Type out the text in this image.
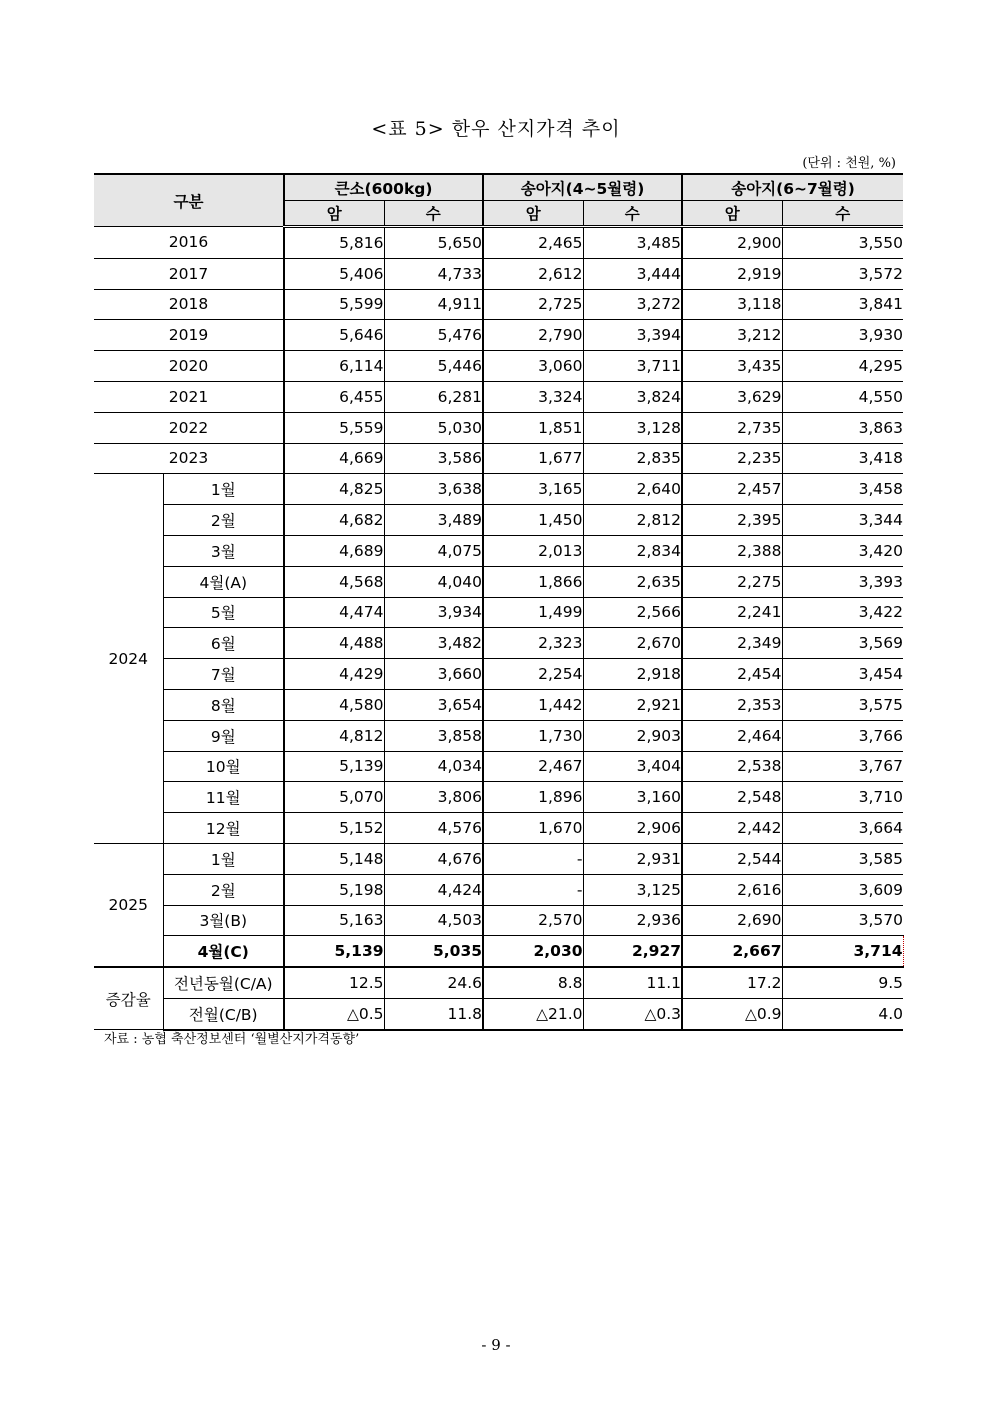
<표 5> 한우 산지가격 추이
(단위 : 천원, %)
구분		큰소(600kg)		송아지(4~5월령)		송아지(6~7월령)	
		암	수	암	수	암	수
2016		5,816	5,650	2,465	3,485	2,900	3,550
2017		5,406	4,733	2,612	3,444	2,919	3,572
2018		5,599	4,911	2,725	3,272	3,118	3,841
2019		5,646	5,476	2,790	3,394	3,212	3,930
2020		6,114	5,446	3,060	3,711	3,435	4,295
2021		6,455	6,281	3,324	3,824	3,629	4,550
2022		5,559	5,030	1,851	3,128	2,735	3,863
2023		4,669	3,586	1,677	2,835	2,235	3,418
2024	1월	4,825	3,638	3,165	2,640	2,457	3,458
	2월	4,682	3,489	1,450	2,812	2,395	3,344
	3월	4,689	4,075	2,013	2,834	2,388	3,420
	4월(A)	4,568	4,040	1,866	2,635	2,275	3,393
	5월	4,474	3,934	1,499	2,566	2,241	3,422
	6월	4,488	3,482	2,323	2,670	2,349	3,569
	7월	4,429	3,660	2,254	2,918	2,454	3,454
	8월	4,580	3,654	1,442	2,921	2,353	3,575
	9월	4,812	3,858	1,730	2,903	2,464	3,766
	10월	5,139	4,034	2,467	3,404	2,538	3,767
	11월	5,070	3,806	1,896	3,160	2,548	3,710
	12월	5,152	4,576	1,670	2,906	2,442	3,664
2025	1월	5,148	4,676	-	2,931	2,544	3,585
	2월	5,198	4,424	-	3,125	2,616	3,609
	3월(B)	5,163	4,503	2,570	2,936	2,690	3,570
	4월(C)	5,139	5,035	2,030	2,927	2,667	3,714
증감율	전년동월(C/A)	12.5	24.6	8.8	11.1	17.2	9.5
	전월(C/B)	△0.5	11.8	△21.0	△0.3	△0.9	4.0
자료 : 농협 축산정보센터 ‘월별산지가격동향’
- 9 -
